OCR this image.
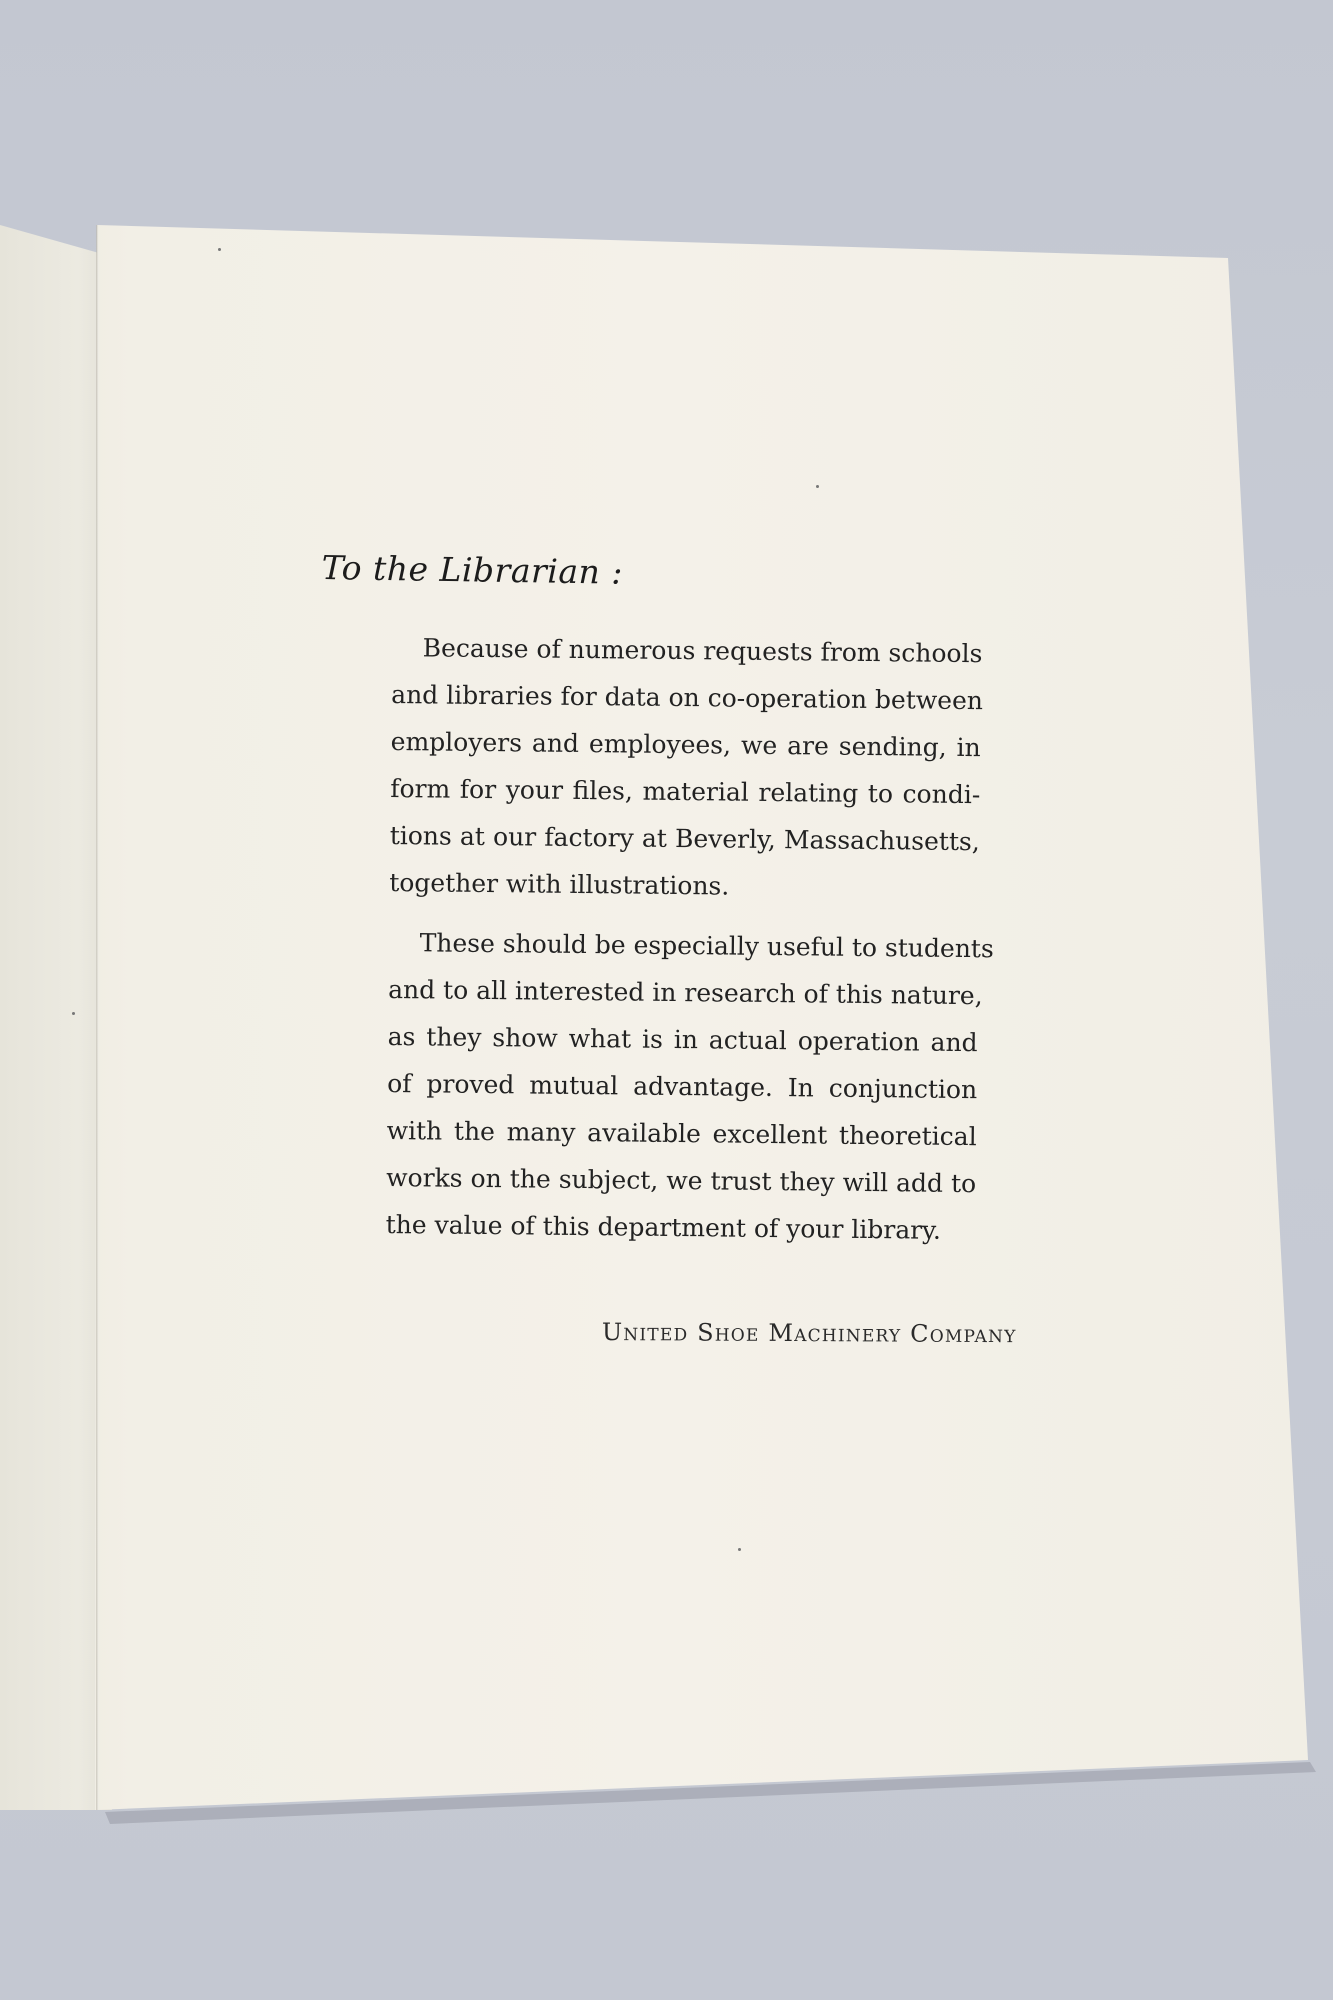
To the Librarian :
Because of numerous requests from schools
and libraries for data on co-operation between
employers and employees, we are sending, in
form for your files, material relating to condi-
tions at our factory at Beverly, Massachusetts,
together with illustrations.
These should be especially useful to students
and to all interested in research of this nature,
as they show what is in actual operation and
of proved mutual advantage. In conjunction
with the many available excellent theoretical
works on the subject, we trust they will add to
the value of this department of your library.
United Shoe Machinery Company
